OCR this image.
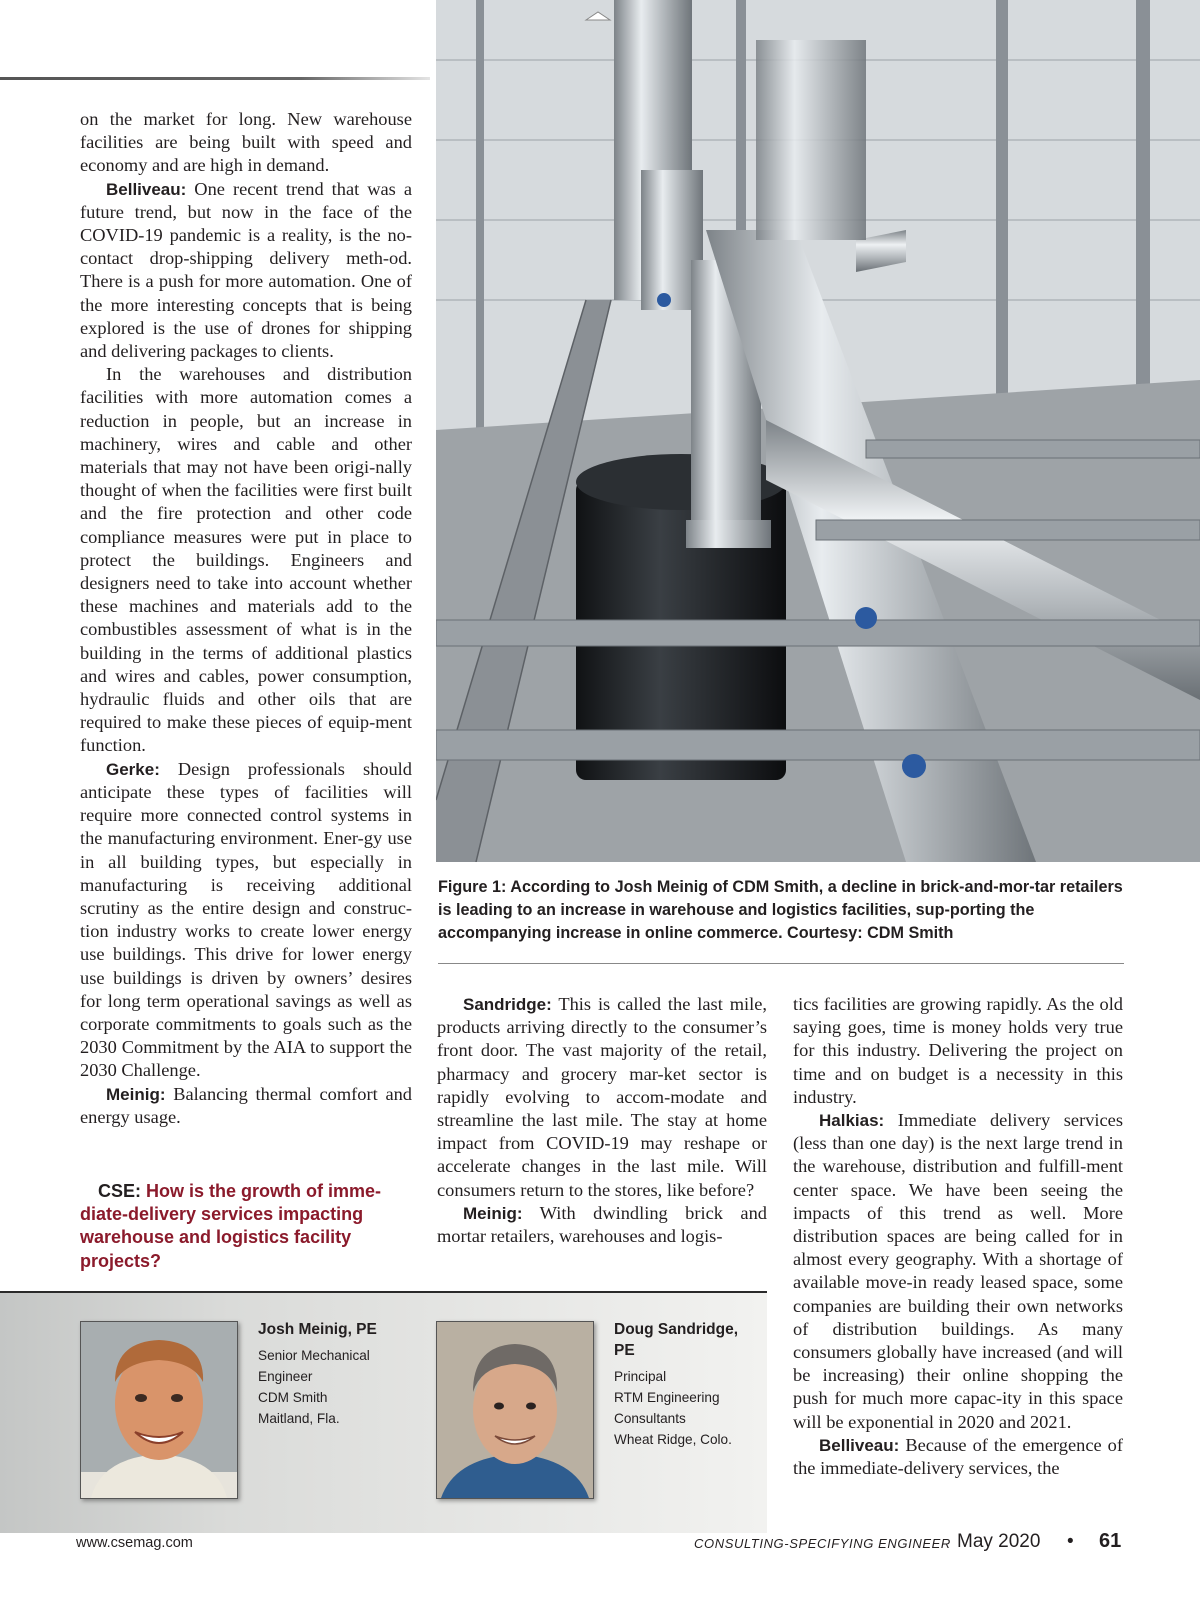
on the market for long. New warehouse facilities are being built with speed and economy and are high in demand.

Belliveau: One recent trend that was a future trend, but now in the face of the COVID-19 pandemic is a reality, is the no-contact drop-shipping delivery meth-od. There is a push for more automation. One of the more interesting concepts that is being explored is the use of drones for shipping and delivering packages to clients.

In the warehouses and distribution facilities with more automation comes a reduction in people, but an increase in machinery, wires and cable and other materials that may not have been origi-nally thought of when the facilities were first built and the fire protection and other code compliance measures were put in place to protect the buildings. Engineers and designers need to take into account whether these machines and materials add to the combustibles assessment of what is in the building in the terms of additional plastics and wires and cables, power consumption, hydraulic fluids and other oils that are required to make these pieces of equip-ment function.

Gerke: Design professionals should anticipate these types of facilities will require more connected control systems in the manufacturing environment. Ener-gy use in all building types, but especially in manufacturing is receiving additional scrutiny as the entire design and construc-tion industry works to create lower energy use buildings. This drive for lower energy use buildings is driven by owners’ desires for long term operational savings as well as corporate commitments to goals such as the 2030 Commitment by the AIA to support the 2030 Challenge.

Meinig: Balancing thermal comfort and energy usage.

CSE: How is the growth of imme-diate-delivery services impacting warehouse and logistics facility projects?
Figure 1: According to Josh Meinig of CDM Smith, a decline in brick-and-mor-tar retailers is leading to an increase in warehouse and logistics facilities, sup-porting the accompanying increase in online commerce. Courtesy: CDM Smith

Sandridge: This is called the last mile, products arriving directly to the consumer’s front door. The vast majority of the retail, pharmacy and grocery mar-ket sector is rapidly evolving to accom-modate and streamline the last mile. The stay at home impact from COVID-19 may reshape or accelerate changes in the last mile. Will consumers return to the stores, like before?

Meinig: With dwindling brick and mortar retailers, warehouses and logis-

tics facilities are growing rapidly. As the old saying goes, time is money holds very true for this industry. Delivering the project on time and on budget is a necessity in this industry.

Halkias: Immediate delivery services (less than one day) is the next large trend in the warehouse, distribution and fulfill-ment center space. We have been seeing the impacts of this trend as well. More distribution spaces are being called for in almost every geography. With a shortage of available move-in ready leased space, some companies are building their own networks of distribution buildings. As many consumers globally have increased (and will be increasing) their online shopping the push for much more capac-ity in this space will be exponential in 2020 and 2021.

Belliveau: Because of the emergence of the immediate-delivery services, the

Josh Meinig, PE
Senior Mechanical
Engineer
CDM Smith
Maitland, Fla.
Doug Sandridge, PE
Principal
RTM Engineering
Consultants
Wheat Ridge, Colo.
www.csemag.com	CONSULTING-SPECIFYING ENGINEER May 2020 • 61
